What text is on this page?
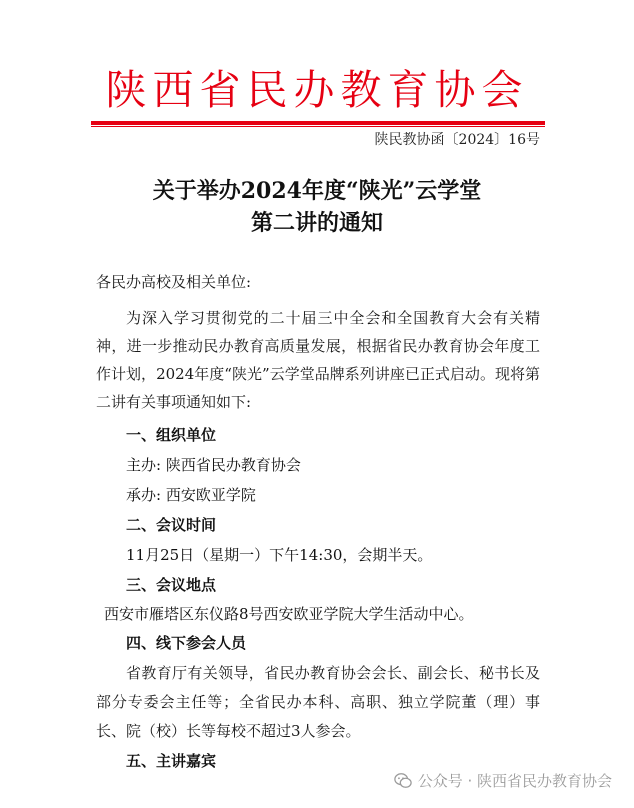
陕西省民办教育协会
陕民教协函〔2024〕16号
关于举办2024年度“陕光”云学堂
第二讲的通知
各民办高校及相关单位:
为深入学习贯彻党的二十届三中全会和全国教育大会有关精神，进一步推动民办教育高质量发展，根据省民办教育协会年度工作计划，2024年度“陕光”云学堂品牌系列讲座已正式启动。现将第二讲有关事项通知如下:
一、组织单位
主办: 陕西省民办教育协会
承办: 西安欧亚学院
二、会议时间
11月25日（星期一）下午14:30，会期半天。
三、会议地点
西安市雁塔区东仪路8号西安欧亚学院大学生活动中心。
四、线下参会人员
省教育厅有关领导，省民办教育协会会长、副会长、秘书长及部分专委会主任等；全省民办本科、高职、独立学院董（理）事长、院（校）长等每校不超过3人参会。
五、主讲嘉宾
公众号 · 陕西省民办教育协会
